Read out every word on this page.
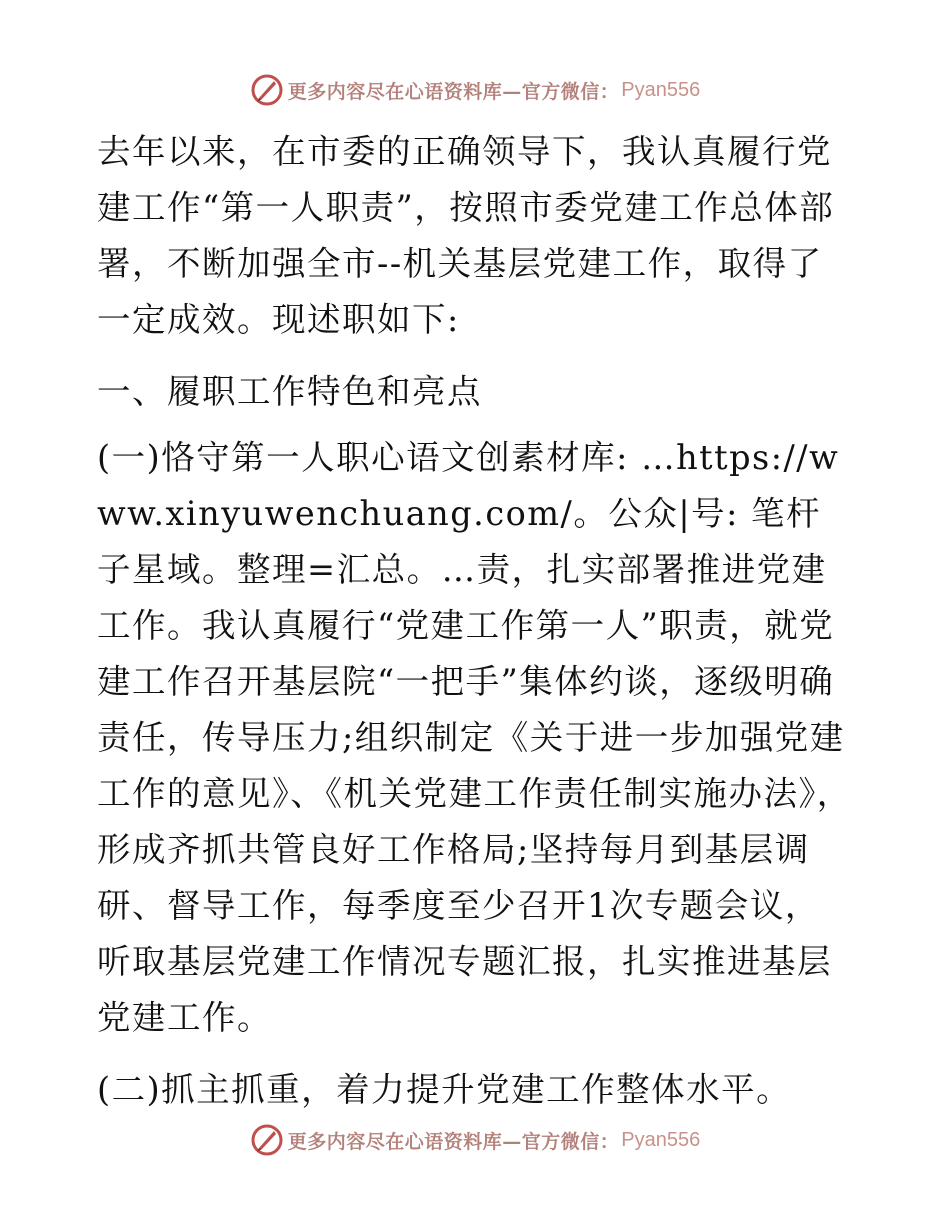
更多内容尽在心语资料库—官方微信： Pyan556

去年以来，在市委的正确领导下，我认真履行党建工作“第一人职责”，按照市委党建工作总体部署，不断加强全市--机关基层党建工作，取得了一定成效。现述职如下:

一、履职工作特色和亮点

(一)恪守第一人职心语文创素材库: …https://www.xinyuwenchuang.com/。公众|号: 笔杆子星域。整理=汇总。…责，扎实部署推进党建工作。我认真履行“党建工作第一人”职责，就党建工作召开基层院“一把手”集体约谈，逐级明确责任，传导压力;组织制定《关于进一步加强党建工作的意见》、《机关党建工作责任制实施办法》，形成齐抓共管良好工作格局;坚持每月到基层调研、督导工作，每季度至少召开1次专题会议，听取基层党建工作情况专题汇报，扎实推进基层党建工作。

(二)抓主抓重，着力提升党建工作整体水平。

更多内容尽在心语资料库—官方微信： Pyan556
